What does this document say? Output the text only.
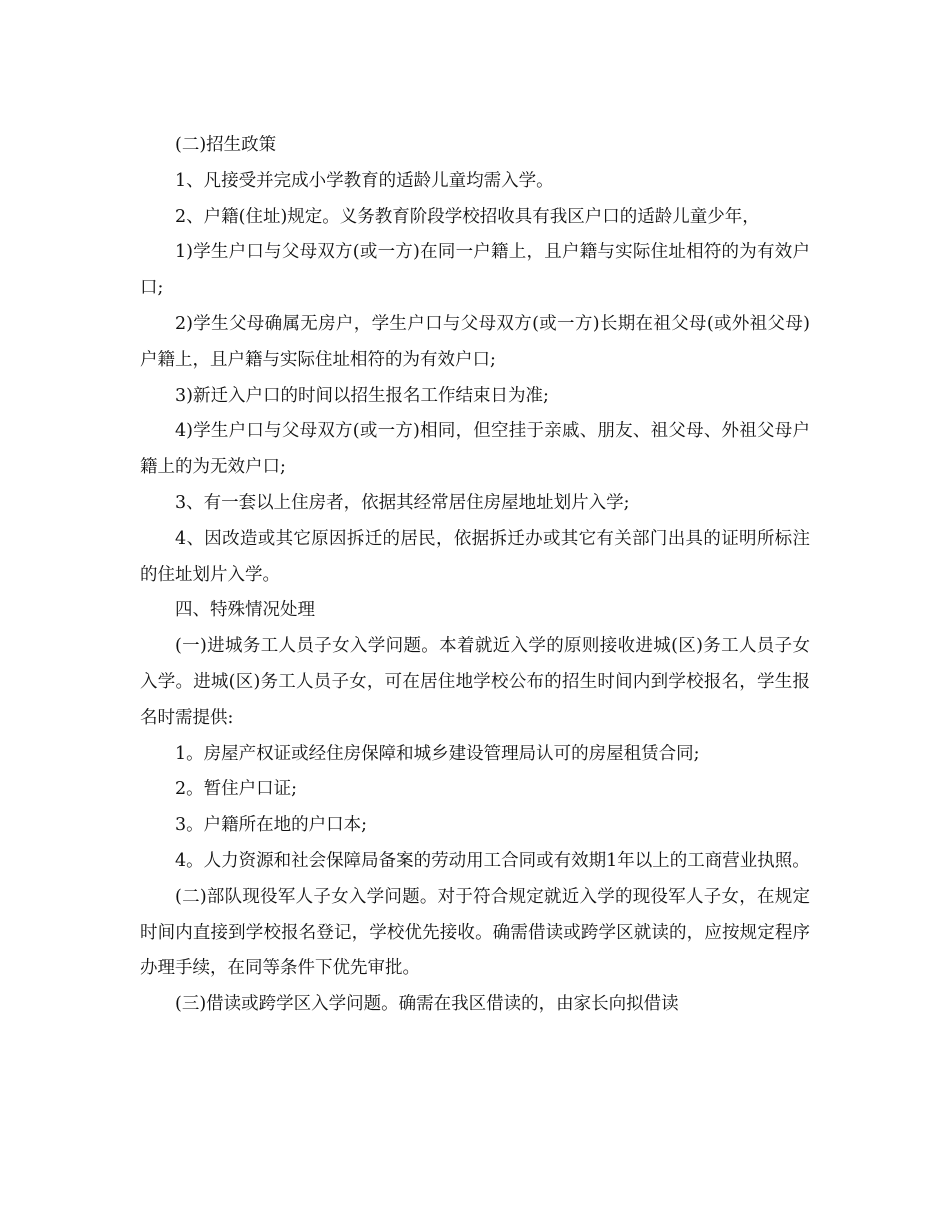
(二)招生政策

1、凡接受并完成小学教育的适龄儿童均需入学。

2、户籍(住址)规定。义务教育阶段学校招收具有我区户口的适龄儿童少年，

1)学生户口与父母双方(或一方)在同一户籍上，且户籍与实际住址相符的为有效户口;

2)学生父母确属无房户，学生户口与父母双方(或一方)长期在祖父母(或外祖父母)户籍上，且户籍与实际住址相符的为有效户口;

3)新迁入户口的时间以招生报名工作结束日为准;

4)学生户口与父母双方(或一方)相同，但空挂于亲戚、朋友、祖父母、外祖父母户籍上的为无效户口;

3、有一套以上住房者，依据其经常居住房屋地址划片入学;

4、因改造或其它原因拆迁的居民，依据拆迁办或其它有关部门出具的证明所标注的住址划片入学。

四、特殊情况处理

(一)进城务工人员子女入学问题。本着就近入学的原则接收进城(区)务工人员子女入学。进城(区)务工人员子女，可在居住地学校公布的招生时间内到学校报名，学生报名时需提供:

1。房屋产权证或经住房保障和城乡建设管理局认可的房屋租赁合同;

2。暂住户口证;

3。户籍所在地的户口本;

4。人力资源和社会保障局备案的劳动用工合同或有效期1年以上的工商营业执照。

(二)部队现役军人子女入学问题。对于符合规定就近入学的现役军人子女，在规定时间内直接到学校报名登记，学校优先接收。确需借读或跨学区就读的，应按规定程序办理手续，在同等条件下优先审批。

(三)借读或跨学区入学问题。确需在我区借读的，由家长向拟借读
